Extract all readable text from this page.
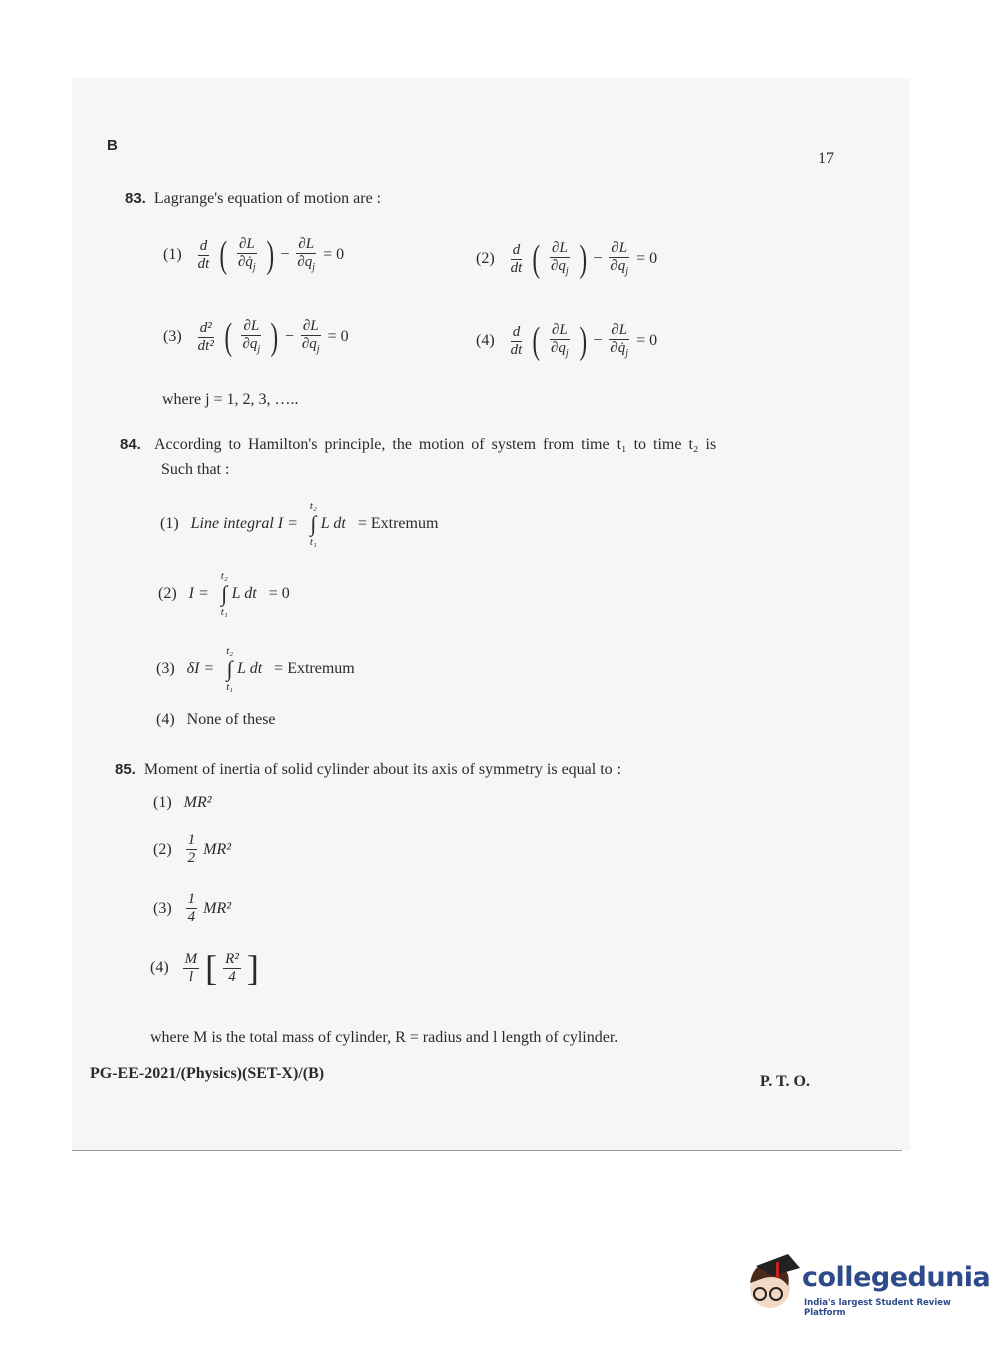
B
17
83. Lagrange's equation of motion are :
(1)
$\frac{d}{dt}$ ( $\frac{\partial L}{\partial q̇_j}$ ) − $\frac{\partial L}{\partial q_j} = 0$	(2)
$\frac{d}{dt}$ ( $\frac{\partial L}{\partial q_j}$ ) − $\frac{\partial L}{\partial q_j} = 0$
(3)
$\frac{\text{d²}}{\text{dt²}}$ ( $\frac{\partial L}{\partial q_j}$ ) − $\frac{\partial L}{\partial q_j} = 0$	(4)
$\frac{d}{dt}$ ( $\frac{\partial L}{\partial q_j}$ ) − $\frac{\partial L}{\partial q̇_j} = 0$
where j = 1, 2, 3, …..
84. According to Hamilton's principle, the motion of system from time t₁ to time t₂ is
Such that :
(1)
Line integral I =

t₂
∫
t₁
L dt
= Extremum
(2)
I =

t₂
∫
t₁
L dt
= 0
(3)
δI =

t₂
∫
t₁
L dt
= Extremum
(4)
None of these
85. Moment of inertia of solid cylinder about its axis of symmetry is equal to :
(1)
MR²
(2)
$\frac{1}{2} MR^2$
(3)
$\frac{1}{4} MR^2$
(4)
$\frac{M}{l}$ [ $\frac{\text{R²}}{4}$ ]
where M is the total mass of cylinder, R = radius and l length of cylinder.
PG-EE-2021/(Physics)(SET-X)/(B)	P. T. O.
collegedunia
India's largest Student Review Platform
